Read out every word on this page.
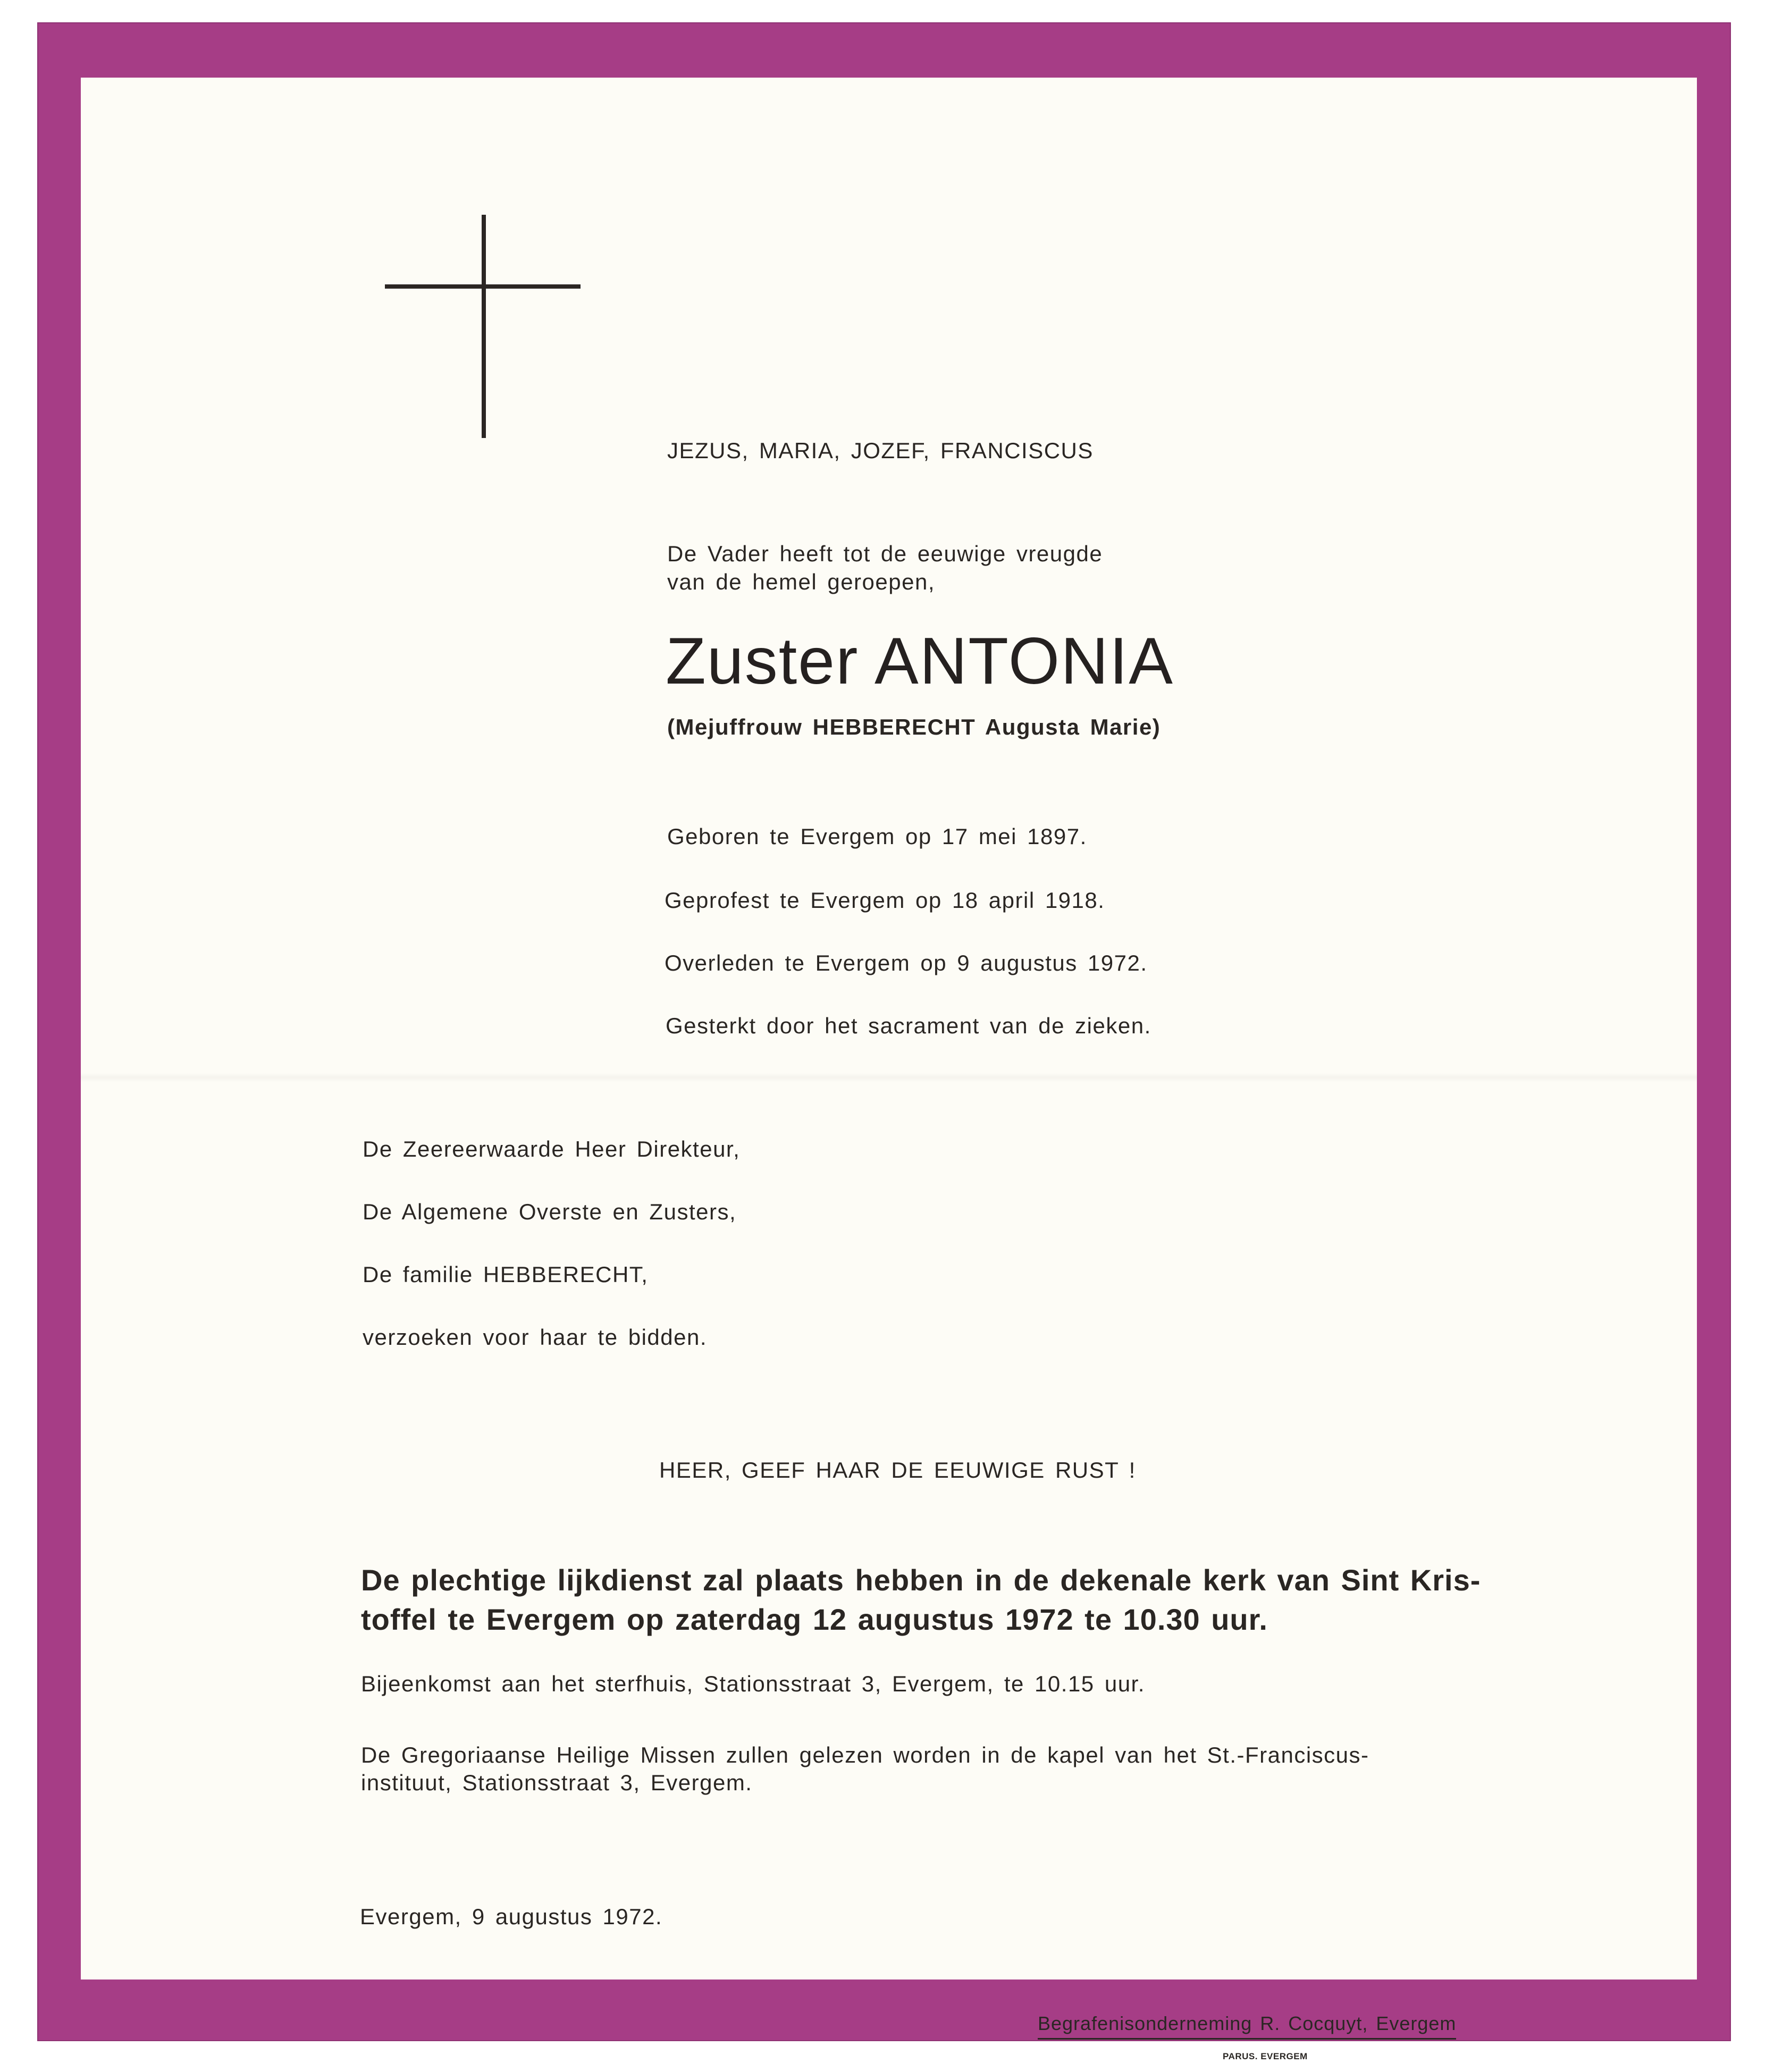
JEZUS, MARIA, JOZEF, FRANCISCUS
De Vader heeft tot de eeuwige vreugde
van de hemel geroepen,
Zuster ANTONIA
(Mejuffrouw HEBBERECHT Augusta Marie)
Geboren te Evergem op 17 mei 1897.
Geprofest te Evergem op 18 april 1918.
Overleden te Evergem op 9 augustus 1972.
Gesterkt door het sacrament van de zieken.
De Zeereerwaarde Heer Direkteur,
De Algemene Overste en Zusters,
De familie HEBBERECHT,
verzoeken voor haar te bidden.
HEER, GEEF HAAR DE EEUWIGE RUST !
De plechtige lijkdienst zal plaats hebben in de dekenale kerk van Sint Kris-
toffel te Evergem op zaterdag 12 augustus 1972 te 10.30 uur.
Bijeenkomst aan het sterfhuis, Stationsstraat 3, Evergem, te 10.15 uur.
De Gregoriaanse Heilige Missen zullen gelezen worden in de kapel van het St.-Franciscus-
instituut, Stationsstraat 3, Evergem.
Evergem, 9 augustus 1972.
Begrafenisonderneming R. Cocquyt, Evergem
PARUS. EVERGEM
